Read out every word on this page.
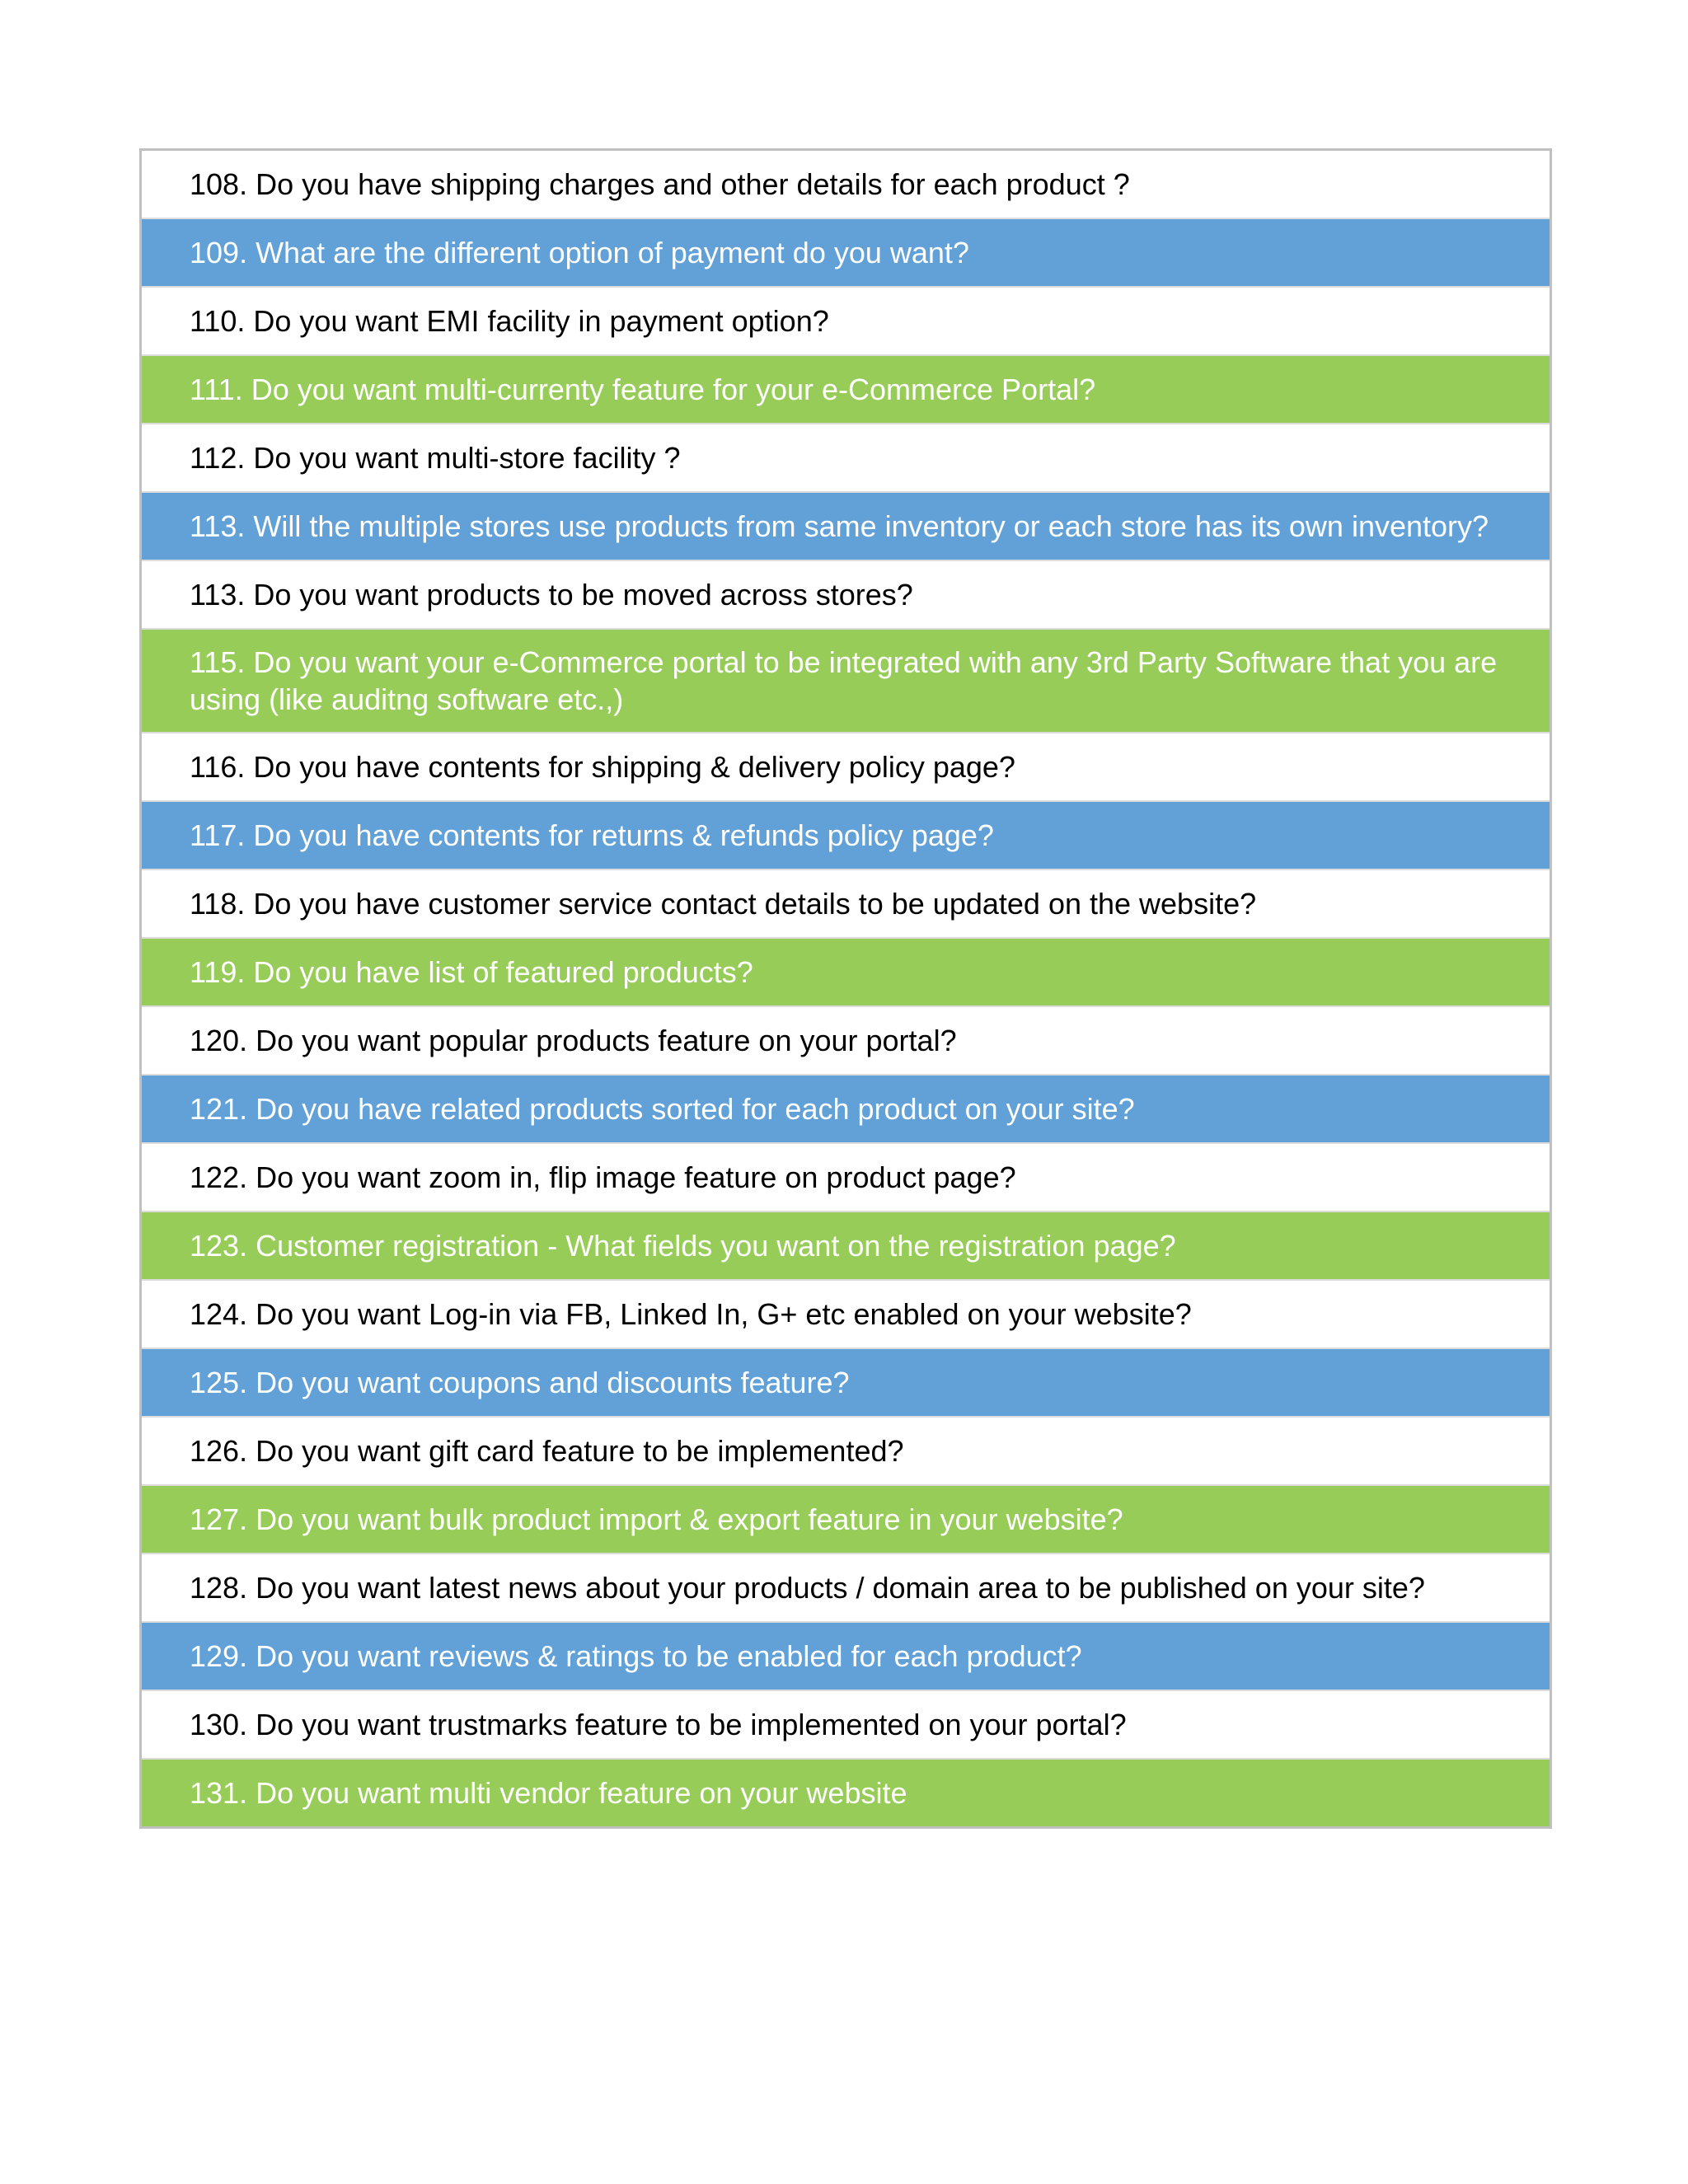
108. Do you have shipping charges and other details for each product ?
109. What are the different option of payment do you want?
110. Do you want EMI facility in payment option?
111. Do you want multi-currenty feature for your e-Commerce Portal?
112. Do you want multi-store facility ?
113. Will the multiple stores use products from same inventory or each store has its own inventory?
113. Do you want products to be moved across stores?
115. Do you want your e-Commerce portal to be integrated with any 3rd Party Software that you are using (like auditng software etc.,)
116. Do you have contents for shipping & delivery policy page?
117. Do you have contents for returns & refunds policy page?
118. Do you have customer service contact details to be updated on the website?
119. Do you have list of featured products?
120. Do you want popular products feature on your portal?
121. Do you have related products sorted for each product on your site?
122. Do you want zoom in, flip image feature on product page?
123. Customer registration - What fields you want on the registration page?
124. Do you want Log-in via FB, Linked In, G+ etc enabled on your website?
125. Do you want coupons and discounts feature?
126. Do you want gift card feature to be implemented?
127. Do you want bulk product import & export feature in your website?
128. Do you want latest news about your products / domain area to be published on your site?
129. Do you want reviews & ratings to be enabled for each product?
130. Do you want trustmarks feature to be implemented on your portal?
131. Do you want multi vendor feature on your website
